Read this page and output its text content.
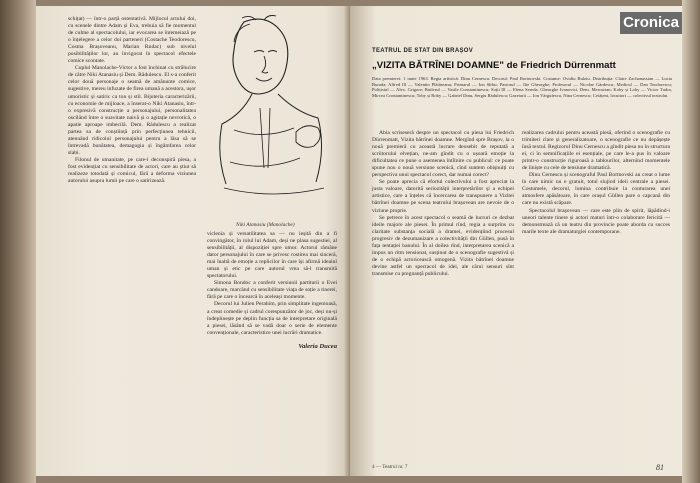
schițat) — într-o parță ostentativă. Mijlocul actului doi, cu scenele dintre Adam și Eva, trebuia să fie momentul de culme al spectacolului, iar evocarea se întemeiază pe o înțelegere a celor doi parteneri (Costache Teodorescu, Cosma Brașoveanu, Marian Rudac) sub nivelul posibilităților lor, au învigorat în spectacol efectele comice scontate.

Cuplul Manolache-Victor a fost închinat cu strălucire de către Niki Atanasiu și Dem. Rădulescu. El s-a conferit celor două personaje o seamă de amănunte comice, sugestive, mereu infuzate de firea umană a acestora, ușor umoristic și satiric ca ton și stil. Bijuteria caracterizării, cu economie de mijloace, a înserat-o Niki Atanasiu, într-o expresivă construcție a personajului, personalitatea oscilând între o suavitate naivă și o agitație nevrotică, o apatie aproape imbecilă. Dem. Rădulescu a realizat partea sa de conștiință prin perfecțiunea tehnicii, atenuând ridicolul personajului pentru a lăsa să se întrevadă bunătatea, demagogia și îngâmfarea celor slabi.

Filonul de umanitate, pe care-l deconspiră piesa, a fost evidențiat cu sensibilitate de actori, care au știut să realizeze totodată și comicul, fără a deforma viziunea autorului asupra lumii pe care o satirizează.

Niki Atanasiu (Manolache)

viclenia și versatilitatea sa — nu ieșită din a fi convingător, în rolul lui Adam, deși ne plasa sugestiei, al sensibilității, al dispoziției spre umor. Actorul rămâne dator personajului în care se privesc rostirea mai sinceră, mai înaltă de emoție a replicilor în care își afirmă idealul uman și etic pe care autorul vrea să-l transmită spectatorului.

Simona Bondoc a conferit versiunii partiturii o Evei candoare, marcând cu sensibilitate viața de soție a tinerei, fără pe care o încearcă în aceleași momente.

Decorul lui Julien Perahim, prin simplitate ingenioasă, a creat comedie și cadrul corespunzător de joc, deși nu-și îndeplinește pe deplin funcția sa de interpretare originală a piesei, lăsând să se vadă doar o serie de elemente convenționale, caracteristice unei lucrări dramatice.

Valeria Ducea
Cronica
TEATRUL DE STAT DIN BRAȘOV
„VIZITA BĂTRÎNEI DOAMNE" de Friedrich Dürrenmatt
Data premierei: 1 iunie 1963. Regia artistică: Dinu Cernescu. Decorul: Paul Bortnovski. Costume: Ovidiu Bulziu. Distribuția: Claire Zachanassian — Lucia Burada; Alfred Ill — Valentin Plătăreanu; Primarul — Ion Sîrbu; Pastorul — Ilie Gheorghe; Profesorul — Nicolae Gărdescu; Medicul — Dan Teodorescu; Polițistul — Alex. Grigore; Butlerul — Vasile Constantinescu; Soții Ill — Elena Sereda, Gheorghe Ivanovici, Dem. Mercurian; Koby și Loby — Victor Tudor, Mircea Constantinescu; Toby și Roby — Gabriel Dinu, Sergiu Rădulescu; Gazetarii — Ion Vărgulescu, Nina Cernescu; Cetățeni, locuitori — colectivul teatrului.

Abia scriseseră despre un spectacol cu piesa lui Friedrich Dürrenmatt, Vizita bătrînei doamne. Mergînd spre Brașov, la o nouă premieră cu această lucrare deosebit de reputată a scriitorului elvețian, ne-am gîndit cu o ușoară emoție la dificultatea ce pune o asemenea întîlnire cu publicul: ce poate spune nou o nouă versiune scenică, cînd suntem obișnuiți cu perspectiva unui spectacol corect, dar numai corect?

Se poate aprecia că efortul colectivului a fost apreciat la justa valoare, datorită seriozității interpretărilor și a echipei artistice, care a înțeles că încercarea de transpunere a Vizitei bătrînei doamne pe scena teatrului brașovean are nevoie de o viziune proprie.

Se petrece în acest spectacol o seamă de lucruri ce dezbat ideile majore ale piesei. În primul rînd, regia a surprins cu claritate substanța socială a dramei, evidențiind procesul progresiv de dezumanizare a colectivității din Güllen, pusă în fața tentației banului. În al doilea rînd, interpretarea scenică a impus un ritm tensionat, susținut de o scenografie sugestivă și de o echipă actoricească omogenă. Vizita bătrînei doamne devine astfel un spectacol de idei, ale cărui sensuri sînt transmise cu pregnanță publicului.

realizarea cadrului pentru această piesă, oferind o scenografie cu trimiteri clare și generalizatoare, o scenografie ce nu depășește însă textul. Regizorul Dinu Cernescu a gîndit piesa nu în structura ei, ci în semnificațiile ei esențiale, pe care le-a pus în valoare printr-o construcție riguroasă a tablourilor, alternînd momentele de liniște cu cele de tensiune dramatică.

Dinu Cernescu și scenograful Paul Bortnovski au creat o lume în care nimic nu e gratuit, totul slujind ideii centrale a piesei. Costumele, decorul, lumina contribuie la conturarea unei atmosfere apăsătoare, în care orașul Güllen pare o capcană din care nu există scăpare.

Spectacolul brașovean — care este plin de spirit, lăpădind-i uneori talente tinere și actori maturi într-o colaborare fericită — demonstrează că un teatru din provincie poate aborda cu succes marile texte ale dramaturgiei contemporane.

4 — Teatrul nr. 7	81
